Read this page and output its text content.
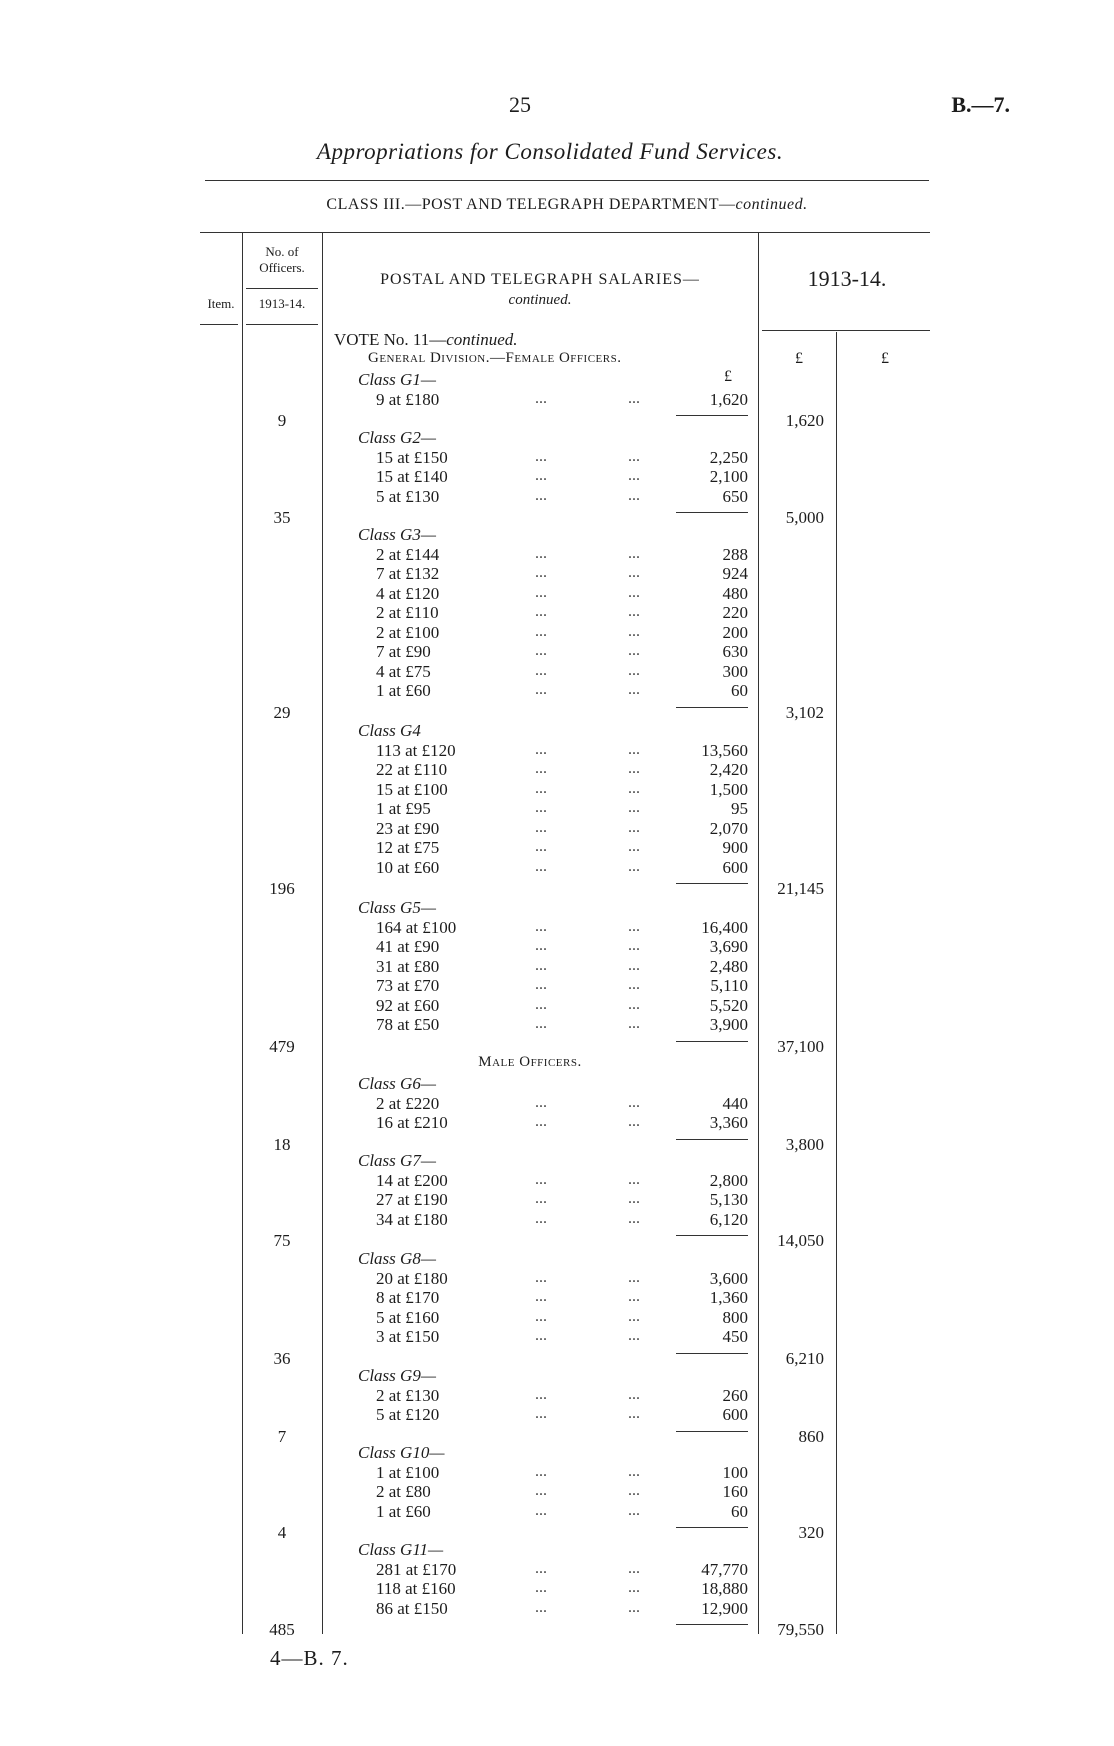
25	B.—7.
Appropriations for Consolidated Fund Services.
CLASS III.—POST AND TELEGRAPH DEPARTMENT—continued.
Item.
No. of Officers.
1913-14.
POSTAL AND TELEGRAPH SALARIES—
continued.
1913-14.
VOTE No. 11—continued.
General Division.—Female Officers.
£
£	£
Male Officers.
Class G1—
9 at £180	...	...	1,620
9	1,620
Class G2—
15 at £150	...	...	2,250
15 at £140	...	...	2,100
5 at £130	...	...	650
35	5,000
Class G3—
2 at £144	...	...	288
7 at £132	...	...	924
4 at £120	...	...	480
2 at £110	...	...	220
2 at £100	...	...	200
7 at £90	...	...	630
4 at £75	...	...	300
1 at £60	...	...	60
29	3,102
Class G4
113 at £120	...	...	13,560
22 at £110	...	...	2,420
15 at £100	...	...	1,500
1 at £95	...	...	95
23 at £90	...	...	2,070
12 at £75	...	...	900
10 at £60	...	...	600
196	21,145
Class G5—
164 at £100	...	...	16,400
41 at £90	...	...	3,690
31 at £80	...	...	2,480
73 at £70	...	...	5,110
92 at £60	...	...	5,520
78 at £50	...	...	3,900
479	37,100
Class G6—
2 at £220	...	...	440
16 at £210	...	...	3,360
18	3,800
Class G7—
14 at £200	...	...	2,800
27 at £190	...	...	5,130
34 at £180	...	...	6,120
75	14,050
Class G8—
20 at £180	...	...	3,600
8 at £170	...	...	1,360
5 at £160	...	...	800
3 at £150	...	...	450
36	6,210
Class G9—
2 at £130	...	...	260
5 at £120	...	...	600
7	860
Class G10—
1 at £100	...	...	100
2 at £80	...	...	160
1 at £60	...	...	60
4	320
Class G11—
281 at £170	...	...	47,770
118 at £160	...	...	18,880
86 at £150	...	...	12,900
485	79,550
4—B. 7.
